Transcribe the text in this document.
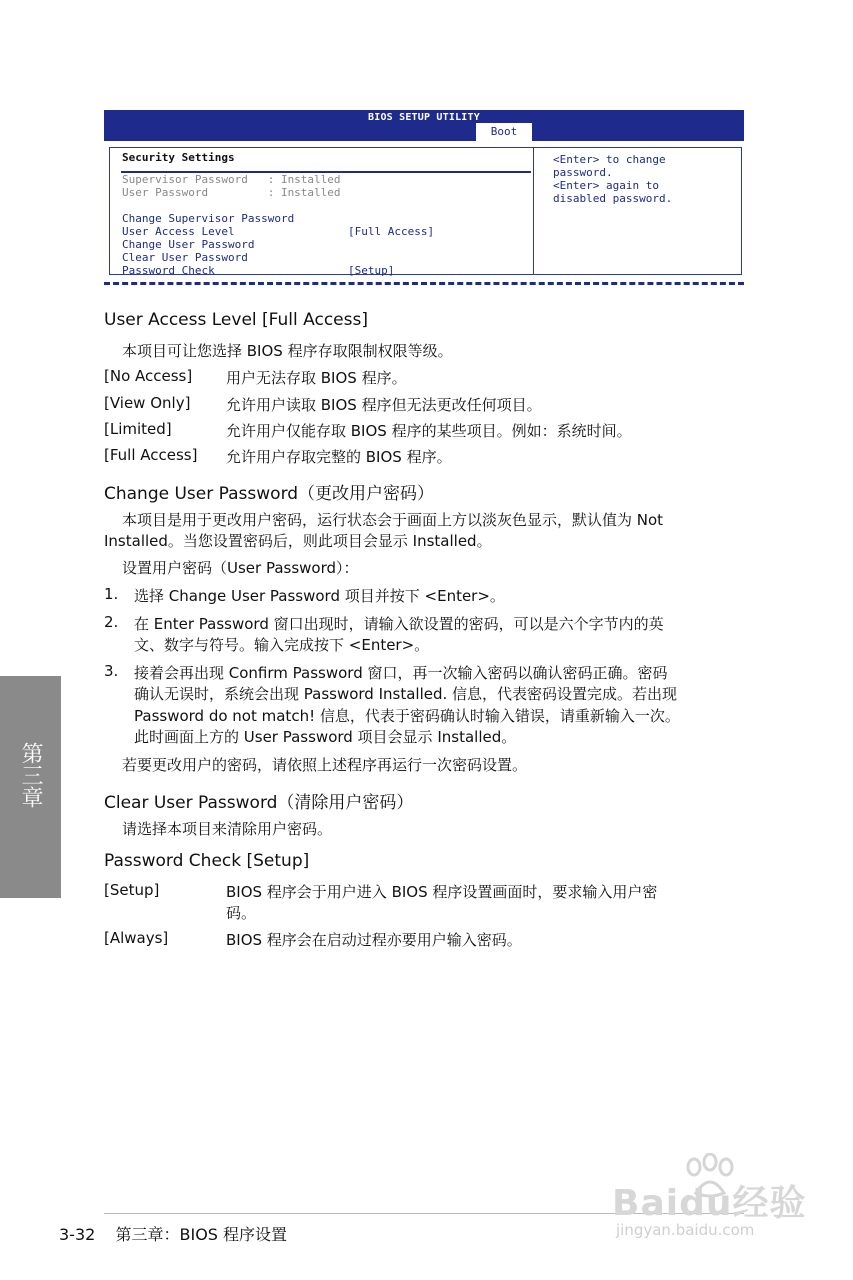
BIOS SETUP UTILITY
Boot
Security Settings
Supervisor Password   : Installed
User Password         : Installed
Change Supervisor Password
User Access Level	[Full Access]
Change User Password
Clear User Password
Password Check	[Setup]
<Enter> to change
password.
<Enter> again to
disabled password.
User Access Level [Full Access]
本项目可让您选择 BIOS 程序存取限制权限等级。
[No Access] 用户无法存取 BIOS 程序。
[View Only] 允许用户读取 BIOS 程序但无法更改任何项目。
[Limited]	允许用户仅能存取 BIOS 程序的某些项目。例如：系统时间。
[Full Access] 允许用户存取完整的 BIOS 程序。
Change User Password（更改用户密码）
本项目是用于更改用户密码，运行状态会于画面上方以淡灰色显示，默认值为 Not
Installed。当您设置密码后，则此项目会显示 Installed。
设置用户密码（User Password）：
1. 选择 Change User Password 项目并按下 <Enter>。
2. 在 Enter Password 窗口出现时，请输入欲设置的密码，可以是六个字节内的英
文、数字与符号。输入完成按下 <Enter>。
3. 接着会再出现 Confirm Password 窗口，再一次输入密码以确认密码正确。密码
确认无误时，系统会出现 Password Installed. 信息，代表密码设置完成。若出现
Password do not match! 信息，代表于密码确认时输入错误，请重新输入一次。
此时画面上方的 User Password 项目会显示 Installed。
若要更改用户的密码，请依照上述程序再运行一次密码设置。
Clear User Password（清除用户密码）
请选择本项目来清除用户密码。
Password Check [Setup]
[Setup]	BIOS 程序会于用户进入 BIOS 程序设置画面时，要求输入用户密
码。
[Always]	BIOS 程序会在启动过程亦要用户输入密码。
第三章
3-32 第三章：BIOS 程序设置
Baidu经验
jingyan.baidu.com
